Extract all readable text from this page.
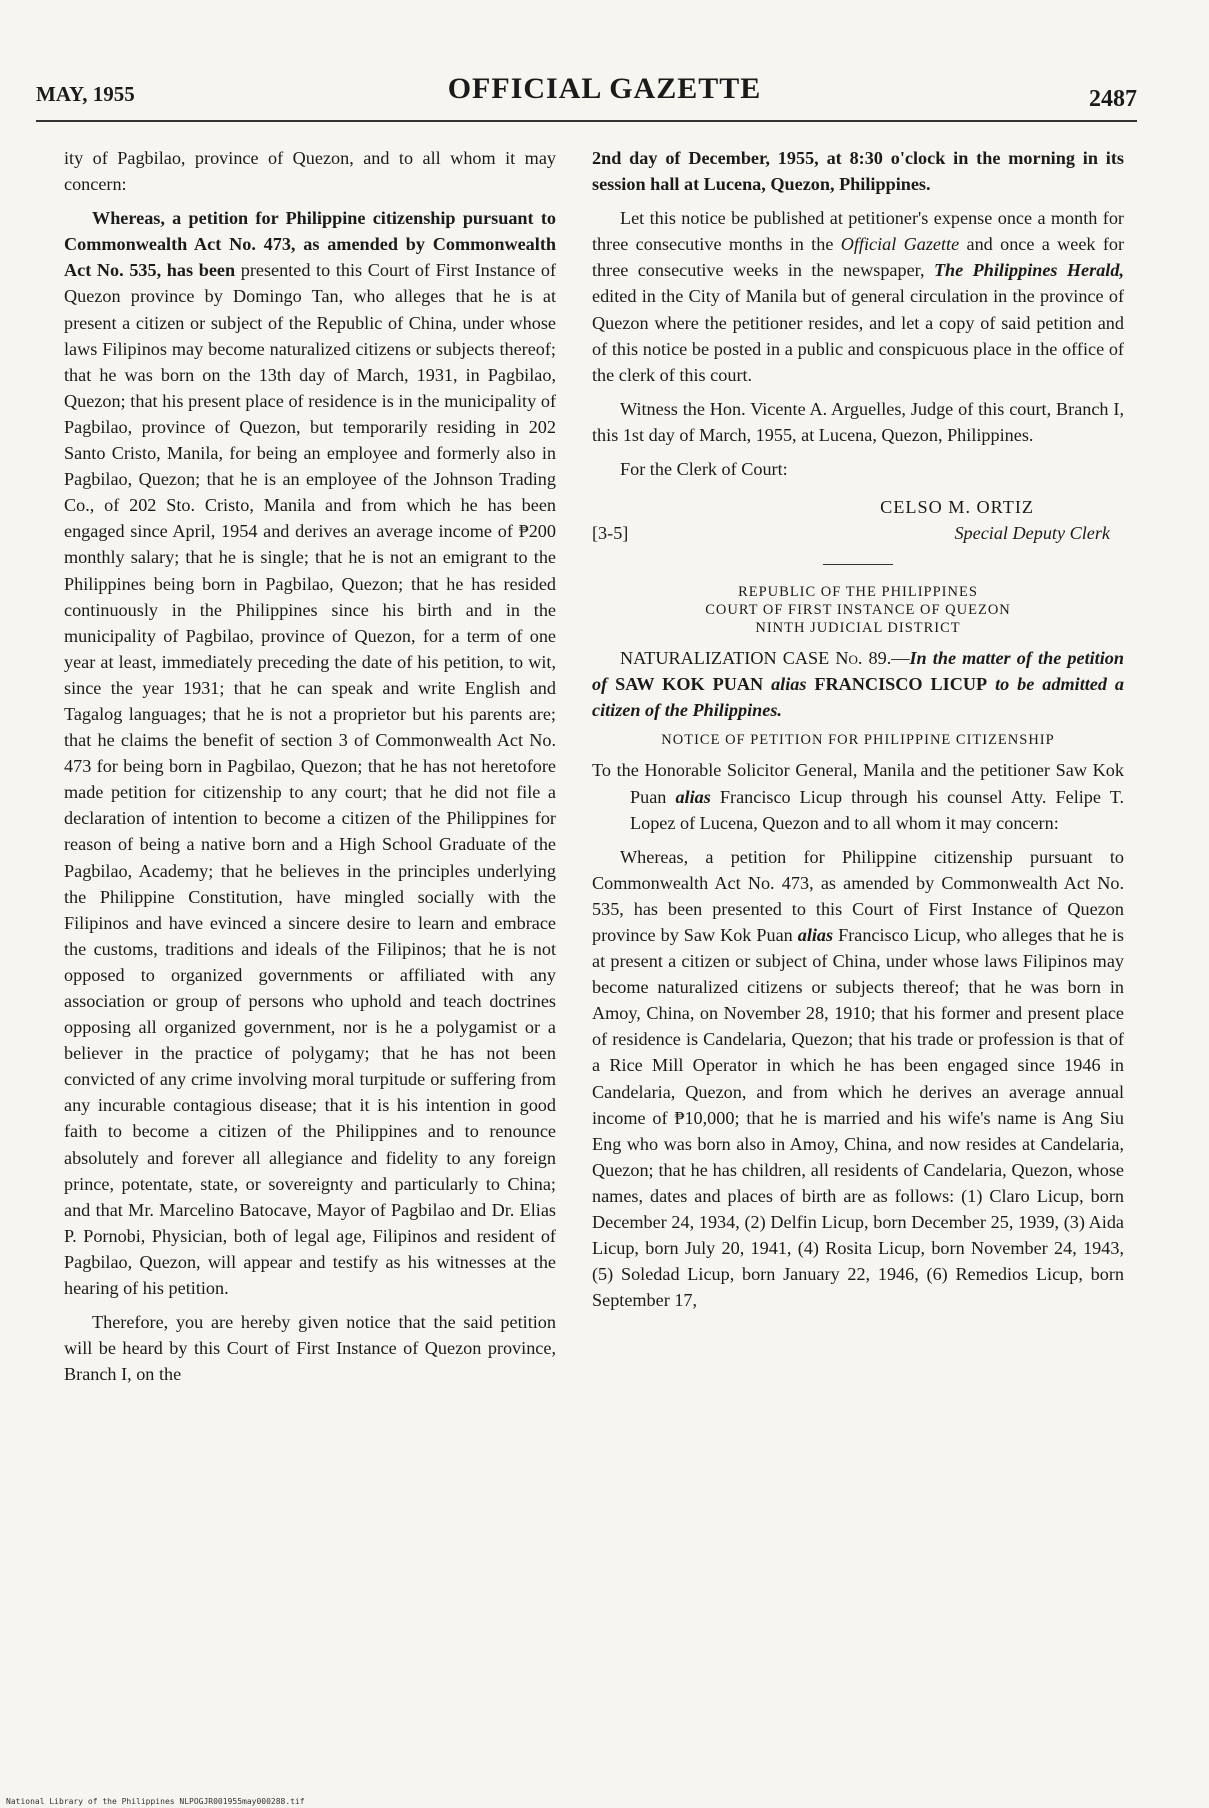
MAY, 1955	OFFICIAL GAZETTE	2487

ity of Pagbilao, province of Quezon, and to all whom it may concern:

Whereas, a petition for Philippine citizenship pursuant to Commonwealth Act No. 473, as amended by Commonwealth Act No. 535, has been presented to this Court of First Instance of Quezon province by Domingo Tan, who alleges that he is at present a citizen or subject of the Republic of China, under whose laws Filipinos may become naturalized citizens or subjects thereof; that he was born on the 13th day of March, 1931, in Pagbilao, Quezon; that his present place of residence is in the municipality of Pagbilao, province of Quezon, but temporarily residing in 202 Santo Cristo, Manila, for being an employee and formerly also in Pagbilao, Quezon; that he is an employee of the Johnson Trading Co., of 202 Sto. Cristo, Manila and from which he has been engaged since April, 1954 and derives an average income of ₱200 monthly salary; that he is single; that he is not an emigrant to the Philippines being born in Pagbilao, Quezon; that he has resided continuously in the Philippines since his birth and in the municipality of Pagbilao, province of Quezon, for a term of one year at least, immediately preceding the date of his petition, to wit, since the year 1931; that he can speak and write English and Tagalog languages; that he is not a proprietor but his parents are; that he claims the benefit of section 3 of Commonwealth Act No. 473 for being born in Pagbilao, Quezon; that he has not heretofore made petition for citizenship to any court; that he did not file a declaration of intention to become a citizen of the Philippines for reason of being a native born and a High School Graduate of the Pagbilao, Academy; that he believes in the principles underlying the Philippine Constitution, have mingled socially with the Filipinos and have evinced a sincere desire to learn and embrace the customs, traditions and ideals of the Filipinos; that he is not opposed to organized governments or affiliated with any association or group of persons who uphold and teach doctrines opposing all organized government, nor is he a polygamist or a believer in the practice of polygamy; that he has not been convicted of any crime involving moral turpitude or suffering from any incurable contagious disease; that it is his intention in good faith to become a citizen of the Philippines and to renounce absolutely and forever all allegiance and fidelity to any foreign prince, potentate, state, or sovereignty and particularly to China; and that Mr. Marcelino Batocave, Mayor of Pagbilao and Dr. Elias P. Pornobi, Physician, both of legal age, Filipinos and resident of Pagbilao, Quezon, will appear and testify as his witnesses at the hearing of his petition.

Therefore, you are hereby given notice that the said petition will be heard by this Court of First Instance of Quezon province, Branch I, on the

2nd day of December, 1955, at 8:30 o'clock in the morning in its session hall at Lucena, Quezon, Philippines.

Let this notice be published at petitioner's expense once a month for three consecutive months in the Official Gazette and once a week for three consecutive weeks in the newspaper, The Philippines Herald, edited in the City of Manila but of general circulation in the province of Quezon where the petitioner resides, and let a copy of said petition and of this notice be posted in a public and conspicuous place in the office of the clerk of this court.

Witness the Hon. Vicente A. Arguelles, Judge of this court, Branch I, this 1st day of March, 1955, at Lucena, Quezon, Philippines.

For the Clerk of Court:

CELSO M. ORTIZ
Special Deputy Clerk
[3-5]
REPUBLIC OF THE PHILIPPINES
COURT OF FIRST INSTANCE OF QUEZON
NINTH JUDICIAL DISTRICT

NATURALIZATION CASE No. 89.—In the matter of the petition of SAW KOK PUAN alias FRANCISCO LICUP to be admitted a citizen of the Philippines.

NOTICE OF PETITION FOR PHILIPPINE CITIZENSHIP

To the Honorable Solicitor General, Manila and the petitioner Saw Kok Puan alias Francisco Licup through his counsel Atty. Felipe T. Lopez of Lucena, Quezon and to all whom it may concern:

Whereas, a petition for Philippine citizenship pursuant to Commonwealth Act No. 473, as amended by Commonwealth Act No. 535, has been presented to this Court of First Instance of Quezon province by Saw Kok Puan alias Francisco Licup, who alleges that he is at present a citizen or subject of China, under whose laws Filipinos may become naturalized citizens or subjects thereof; that he was born in Amoy, China, on November 28, 1910; that his former and present place of residence is Candelaria, Quezon; that his trade or profession is that of a Rice Mill Operator in which he has been engaged since 1946 in Candelaria, Quezon, and from which he derives an average annual income of ₱10,000; that he is married and his wife's name is Ang Siu Eng who was born also in Amoy, China, and now resides at Candelaria, Quezon; that he has children, all residents of Candelaria, Quezon, whose names, dates and places of birth are as follows: (1) Claro Licup, born December 24, 1934, (2) Delfin Licup, born December 25, 1939, (3) Aida Licup, born July 20, 1941, (4) Rosita Licup, born November 24, 1943, (5) Soledad Licup, born January 22, 1946, (6) Remedios Licup, born September 17,

National Library of the Philippines NLPOGJR001955may000288.tif
